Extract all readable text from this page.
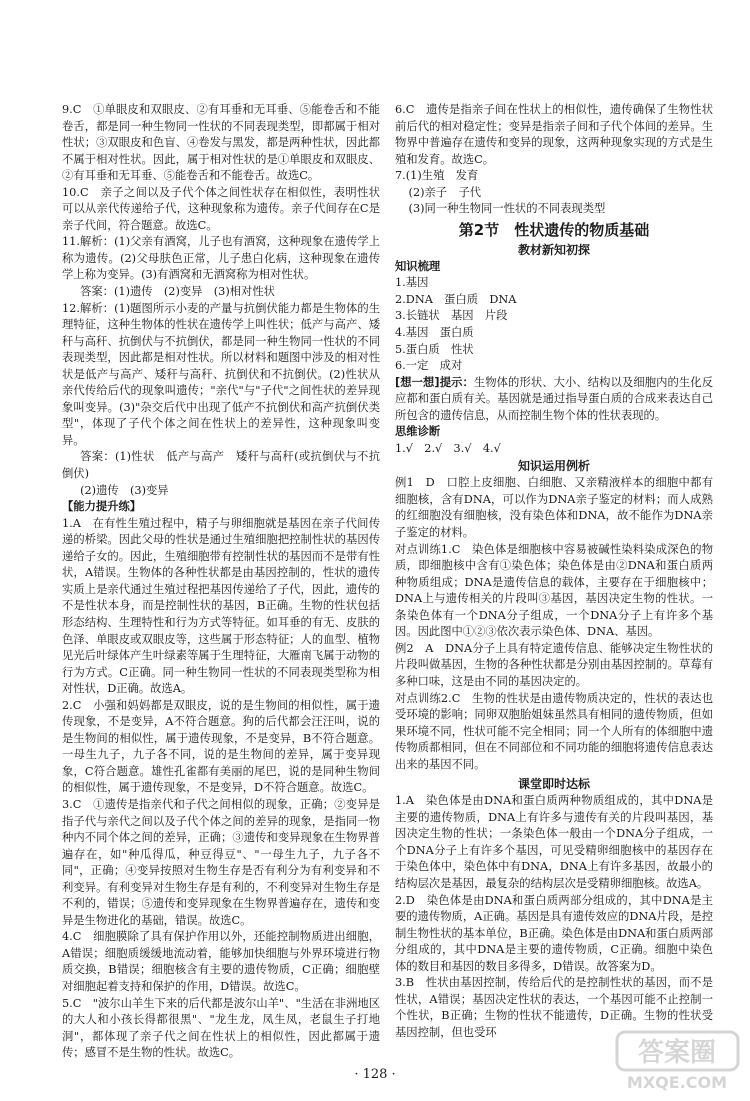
9.C　①单眼皮和双眼皮、②有耳垂和无耳垂、⑤能卷舌和不能卷舌，都是同一种生物同一性状的不同表现类型，即都属于相对性状；③双眼皮和色盲、④卷发与黑发，都是两种性状，因此都不属于相对性状。因此，属于相对性状的是①单眼皮和双眼皮、②有耳垂和无耳垂、⑤能卷舌和不能卷舌。故选C。

10.C　亲子之间以及子代个体之间性状存在相似性，表明性状可以从亲代传递给子代，这种现象称为遗传。亲子代间存在C是亲子代间，符合题意。故选C。

11.解析：(1)父亲有酒窝，儿子也有酒窝，这种现象在遗传学上称为遗传。(2)父母肤色正常，儿子患白化病，这种现象在遗传学上称为变异。(3)有酒窝和无酒窝称为相对性状。

答案：(1)遗传　(2)变异　(3)相对性状

12.解析：(1)题图所示小麦的产量与抗倒伏能力都是生物体的生理特征，这种生物体的性状在遗传学上叫性状；低产与高产、矮秆与高秆、抗倒伏与不抗倒伏，都是同一种生物同一性状的不同表现类型，因此都是相对性状。所以材料和题图中涉及的相对性状是低产与高产、矮秆与高秆、抗倒伏和不抗倒伏。(2)性状从亲代传给后代的现象叫遗传；"亲代"与"子代"之间性状的差异现象叫变异。(3)"杂交后代中出现了低产不抗倒伏和高产抗倒伏类型"，体现了子代个体之间在性状上的差异性，这种现象叫变异。

答案：(1)性状　低产与高产　矮秆与高秆(或抗倒伏与不抗倒伏)

(2)遗传　(3)变异

【能力提升练】

1.A　在有性生殖过程中，精子与卵细胞就是基因在亲子代间传递的桥梁。因此父母的性状是通过生殖细胞把控制性状的基因传递给子女的。因此，生殖细胞带有控制性状的基因而不是带有性状，A错误。生物体的各种性状都是由基因控制的，性状的遗传实质上是亲代通过生殖过程把基因传递给了子代，因此，遗传的不是性状本身，而是控制性状的基因，B正确。生物的性状包括形态结构、生理特性和行为方式等特征。如耳垂的有无、皮肤的色泽、单眼皮或双眼皮等，这些属于形态特征；人的血型、植物见光后叶绿体产生叶绿素等属于生理特征，大雁南飞属于动物的行为方式。C正确。同一种生物同一性状的不同表现类型称为相对性状，D正确。故选A。

2.C　小强和妈妈都是双眼皮，说的是生物间的相似性，属于遗传现象，不是变异，A不符合题意。狗的后代都会汪汪叫，说的是生物间的相似性，属于遗传现象，不是变异，B不符合题意。一母生九子，九子各不同，说的是生物间的差异，属于变异现象，C符合题意。雄性孔雀都有美丽的尾巴，说的是同种生物间的相似性，属于遗传现象，不是变异，D不符合题意。故选C。

3.C　①遗传是指亲代和子代之间相似的现象，正确；②变异是指子代与亲代之间以及子代个体之间的差异的现象，是指同一物种内不同个体之间的差异，正确；③遗传和变异现象在生物界普遍存在，如"种瓜得瓜，种豆得豆"、"一母生九子，九子各不同"，正确；④变异按照对生物生存是否有利分为有利变异和不利变异。有利变异对生物生存是有利的，不利变异对生物生存是不利的，错误；⑤遗传和变异现象在生物界普遍存在，遗传和变异是生物进化的基础，错误。故选C。

4.C　细胞膜除了具有保护作用以外，还能控制物质进出细胞，A错误；细胞质缓缓地流动着，能够加快细胞与外界环境进行物质交换，B错误；细胞核含有主要的遗传物质，C正确；细胞壁对细胞起着支持和保护的作用，D错误。故选C。

5.C　"波尔山羊生下来的后代都是波尔山羊"、"生活在非洲地区的大人和小孩长得都很黑"、"龙生龙，凤生凤，老鼠生子打地洞"，都体现了亲子代之间在性状上的相似性，因此都属于遗传；感冒不是生物的性状。故选C。

6.C　遗传是指亲子间在性状上的相似性，遗传确保了生物性状前后代的相对稳定性；变异是指亲子间和子代个体间的差异。生物界中普遍存在遗传和变异的现象，这两种现象实现的方式是生殖和发育。故选C。

7.(1)生殖　发育

(2)亲子　子代

(3)同一种生物同一性状的不同表现类型

第2节　性状遗传的物质基础

教材新知初探

知识梳理

1.基因

2.DNA　蛋白质　DNA

3.长链状　基因　片段

4.基因　蛋白质

5.蛋白质　性状

6.一定　成对

[想一想]提示：生物体的形状、大小、结构以及细胞内的生化反应都和蛋白质有关。基因就是通过指导蛋白质的合成来表达自己所包含的遗传信息，从而控制生物个体的性状表现的。

思维诊断

1.√　2.√　3.√　4.√

知识运用例析

例1　D　口腔上皮细胞、白细胞、又亲精液样本的细胞中都有细胞核，含有DNA，可以作为DNA亲子鉴定的材料；而人成熟的红细胞没有细胞核，没有染色体和DNA，故不能作为DNA亲子鉴定的材料。

对点训练1.C　染色体是细胞核中容易被碱性染料染成深色的物质，即细胞核中含有①染色体；染色体是由②DNA和蛋白质两种物质组成；DNA是遗传信息的载体，主要存在于细胞核中；DNA上与遗传相关的片段叫③基因，基因决定生物的性状。一条染色体有一个DNA分子组成，一个DNA分子上有许多个基因。因此图中①②③依次表示染色体、DNA、基因。

例2　A　DNA分子上具有特定遗传信息、能够决定生物性状的片段叫做基因，生物的各种性状都是分别由基因控制的。草莓有多种口味，这是由不同的基因决定的。

对点训练2.C　生物的性状是由遗传物质决定的，性状的表达也受环境的影响；同卵双胞胎姐妹虽然具有相同的遗传物质，但如果环境不同，性状可能不完全相同；同一个人所有的体细胞中遗传物质都相同，但在不同部位和不同功能的细胞将遗传信息表达出来的基因不同。

课堂即时达标

1.A　染色体是由DNA和蛋白质两种物质组成的，其中DNA是主要的遗传物质，DNA上有许多与遗传有关的片段叫基因，基因决定生物的性状；一条染色体一般由一个DNA分子组成，一个DNA分子上有许多个基因，可见受精卵细胞核中的基因存在于染色体中，染色体中有DNA，DNA上有许多基因，故最小的结构层次是基因，最复杂的结构层次是受精卵细胞核。故选A。

2.D　染色体是由DNA和蛋白质两部分组成的，其中DNA是主要的遗传物质，A正确。基因是具有遗传效应的DNA片段，是控制生物性状的基本单位，B正确。染色体是由DNA和蛋白质两部分组成的，其中DNA是主要的遗传物质，C正确。细胞中染色体的数目和基因的数目多得多，D错误。故答案为D。

3.B　性状由基因控制，传给后代的是控制性状的基因，而不是性状，A错误；基因决定性状的表达，一个基因可能不止控制一个性状，B正确；生物的性状不能遗传，D正确。生物的性状受基因控制，但也受环

· 128 ·
答案圈
MXQE.COM
